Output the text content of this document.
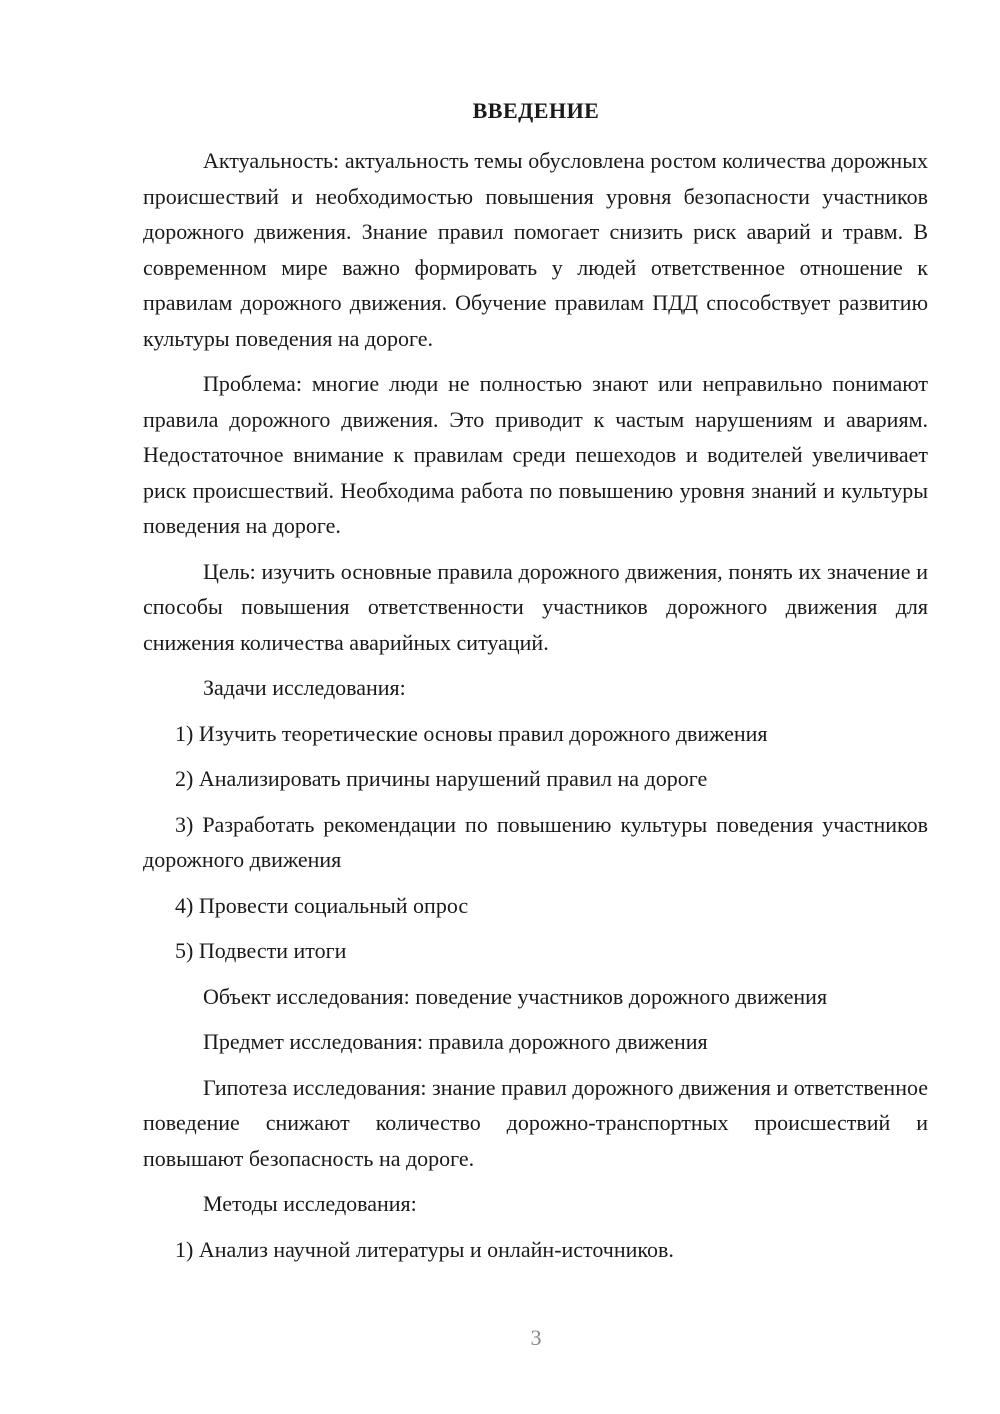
ВВЕДЕНИЕ

Актуальность: актуальность темы обусловлена ростом количества дорожных происшествий и необходимостью повышения уровня безопасности участников дорожного движения. Знание правил помогает снизить риск аварий и травм. В современном мире важно формировать у людей ответственное отношение к правилам дорожного движения. Обучение правилам ПДД способствует развитию культуры поведения на дороге.

Проблема: многие люди не полностью знают или неправильно понимают правила дорожного движения. Это приводит к частым нарушениям и авариям. Недостаточное внимание к правилам среди пешеходов и водителей увеличивает риск происшествий. Необходима работа по повышению уровня знаний и культуры поведения на дороге.

Цель: изучить основные правила дорожного движения, понять их значение и способы повышения ответственности участников дорожного движения для снижения количества аварийных ситуаций.

Задачи исследования:

1) Изучить теоретические основы правил дорожного движения

2) Анализировать причины нарушений правил на дороге

3) Разработать рекомендации по повышению культуры поведения участников дорожного движения

4) Провести социальный опрос

5) Подвести итоги

Объект исследования: поведение участников дорожного движения

Предмет исследования: правила дорожного движения

Гипотеза исследования: знание правил дорожного движения и ответственное поведение снижают количество дорожно-транспортных происшествий и повышают безопасность на дороге.

Методы исследования:

1) Анализ научной литературы и онлайн-источников.

3
